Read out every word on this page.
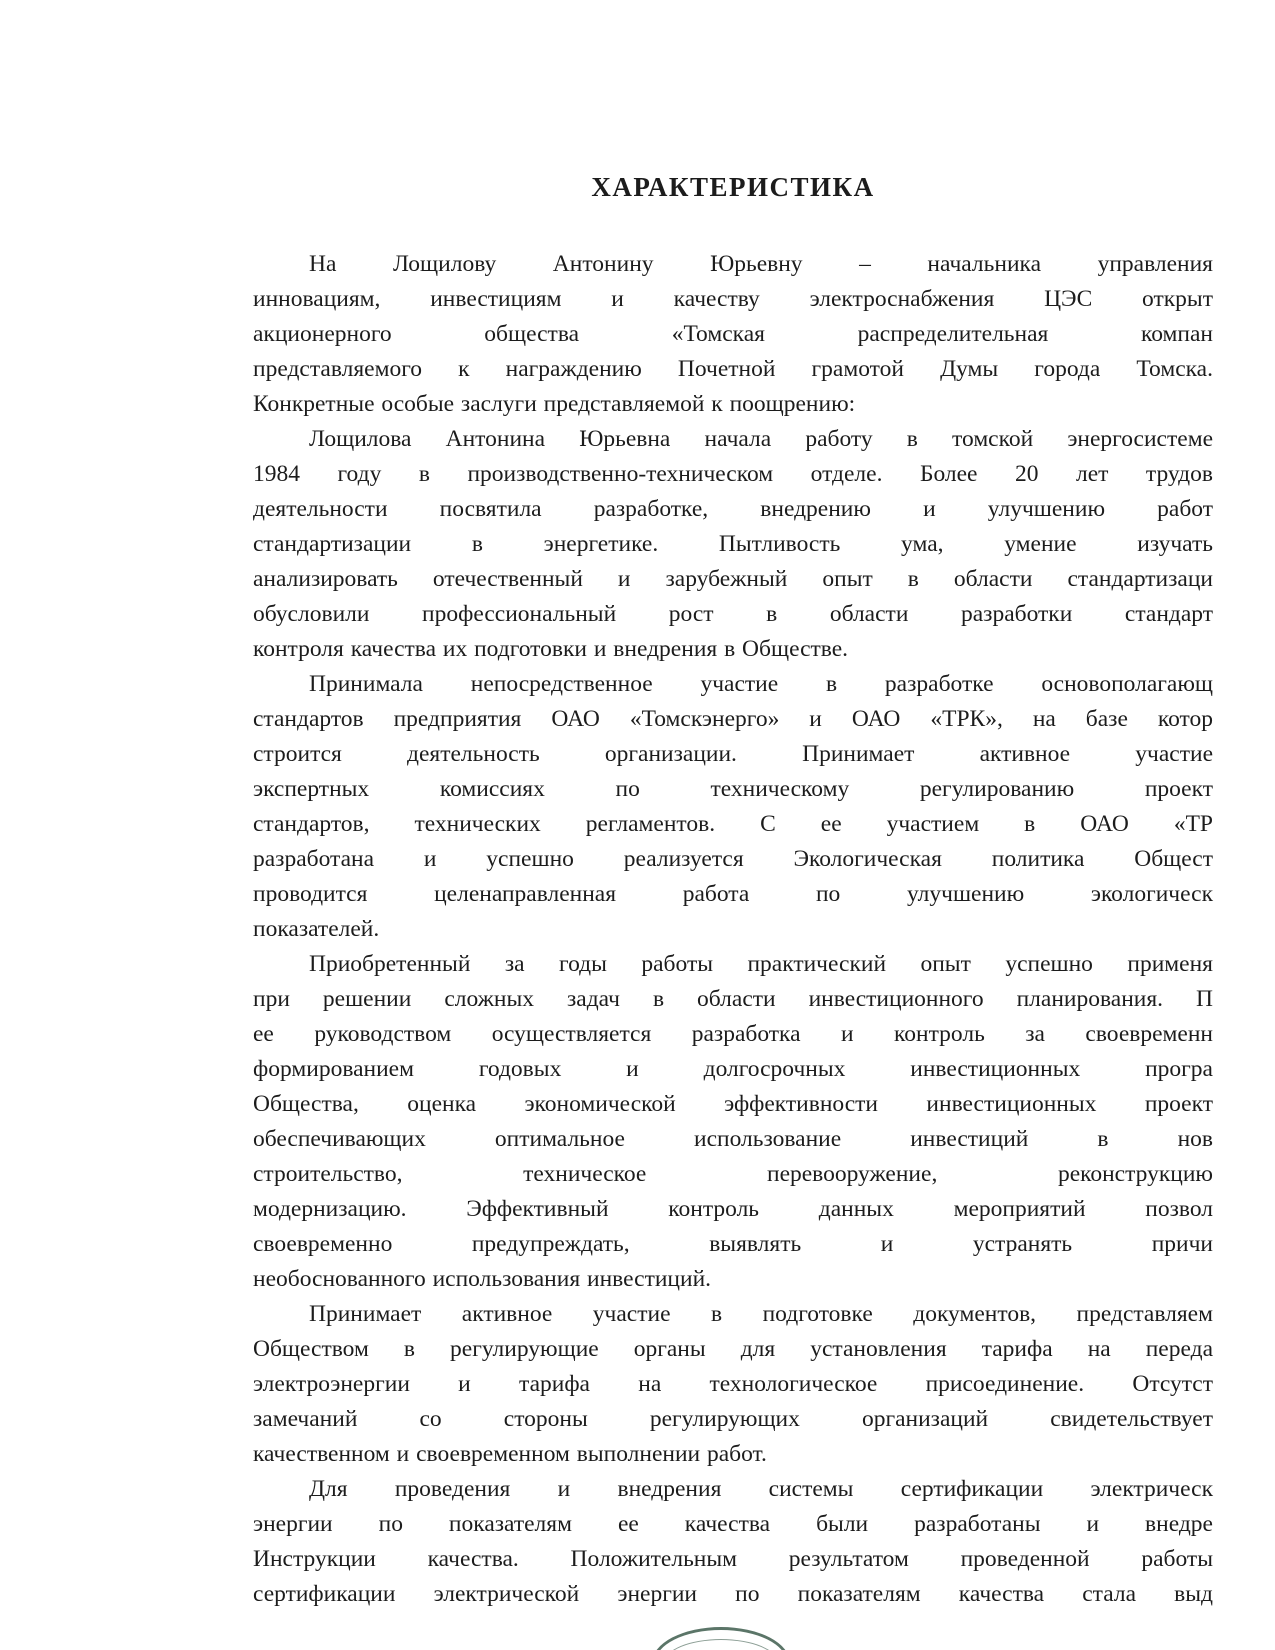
ХАРАКТЕРИСТИКА
На Лощилову Антонину Юрьевну – начальника управления
инновациям, инвестициям и качеству электроснабжения ЦЭС открыт
акционерного общества «Томская распределительная компан
представляемого к награждению Почетной грамотой Думы города Томска.
Конкретные особые заслуги представляемой к поощрению:
Лощилова Антонина Юрьевна начала работу в томской энергосистеме
1984 году в производственно-техническом отделе. Более 20 лет трудов
деятельности посвятила разработке, внедрению и улучшению работ
стандартизации в энергетике. Пытливость ума, умение изучать
анализировать отечественный и зарубежный опыт в области стандартизаци
обусловили профессиональный рост в области разработки стандарт
контроля качества их подготовки и внедрения в Обществе.
Принимала непосредственное участие в разработке основополагающ
стандартов предприятия ОАО «Томскэнерго» и ОАО «ТРК», на базе котор
строится деятельность организации. Принимает активное участие
экспертных комиссиях по техническому регулированию проект
стандартов, технических регламентов. С ее участием в ОАО «ТР
разработана и успешно реализуется Экологическая политика Общест
проводится целенаправленная работа по улучшению экологическ
показателей.
Приобретенный за годы работы практический опыт успешно применя
при решении сложных задач в области инвестиционного планирования. П
ее руководством осуществляется разработка и контроль за своевременн
формированием годовых и долгосрочных инвестиционных програ
Общества, оценка экономической эффективности инвестиционных проект
обеспечивающих оптимальное использование инвестиций в нов
строительство, техническое перевооружение, реконструкцию
модернизацию. Эффективный контроль данных мероприятий позвол
своевременно предупреждать, выявлять и устранять причи
необоснованного использования инвестиций.
Принимает активное участие в подготовке документов, представляем
Обществом в регулирующие органы для установления тарифа на переда
электроэнергии и тарифа на технологическое присоединение. Отсутст
замечаний со стороны регулирующих организаций свидетельствует
качественном и своевременном выполнении работ.
Для проведения и внедрения системы сертификации электрическ
энергии по показателям ее качества были разработаны и внедре
Инструкции качества. Положительным результатом проведенной работы
сертификации электрической энергии по показателям качества стала выд
